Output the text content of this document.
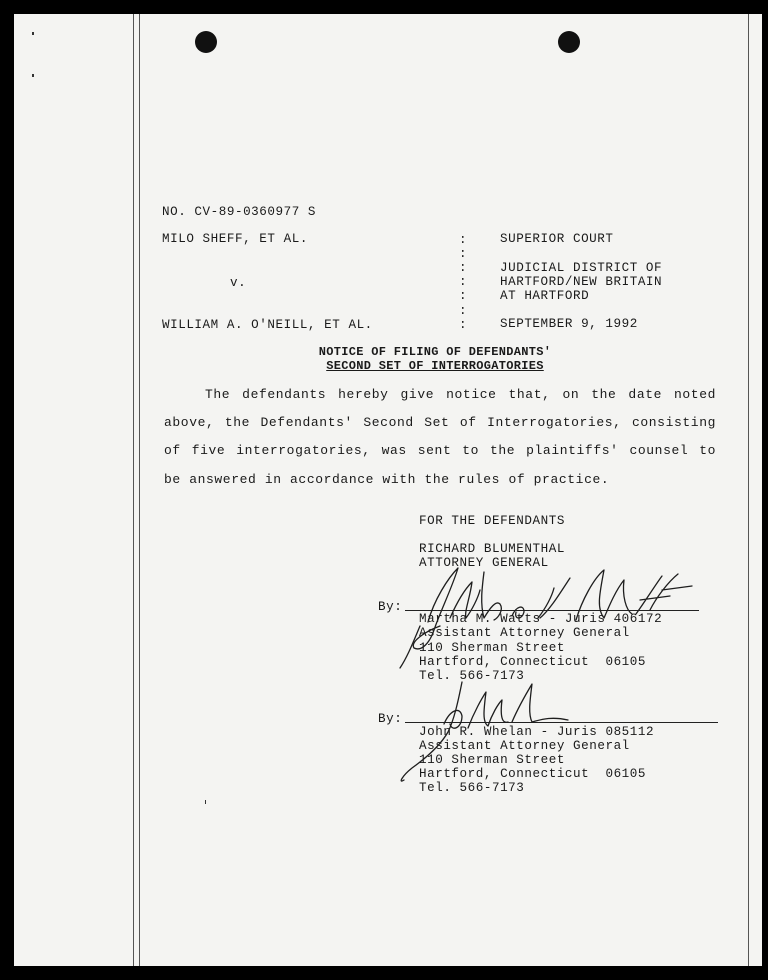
NO. CV-89-0360977 S
MILO SHEFF, ET AL.
v.
WILLIAM A. O'NEILL, ET AL.
:
:
:
:
:
:
:
SUPERIOR COURT
JUDICIAL DISTRICT OF
HARTFORD/NEW BRITAIN
AT HARTFORD
SEPTEMBER 9, 1992
NOTICE OF FILING OF DEFENDANTS'
SECOND SET OF INTERROGATORIES
The defendants hereby give notice that, on the date noted
above, the Defendants' Second Set of Interrogatories, consisting
of five interrogatories, was sent to the plaintiffs' counsel to
be answered in accordance with the rules of practice.
FOR THE DEFENDANTS
RICHARD BLUMENTHAL
ATTORNEY GENERAL
By:
Martha M. Watts - Juris 406172
Assistant Attorney General
110 Sherman Street
Hartford, Connecticut  06105
Tel. 566-7173
By:
John R. Whelan - Juris 085112
Assistant Attorney General
110 Sherman Street
Hartford, Connecticut  06105
Tel. 566-7173
